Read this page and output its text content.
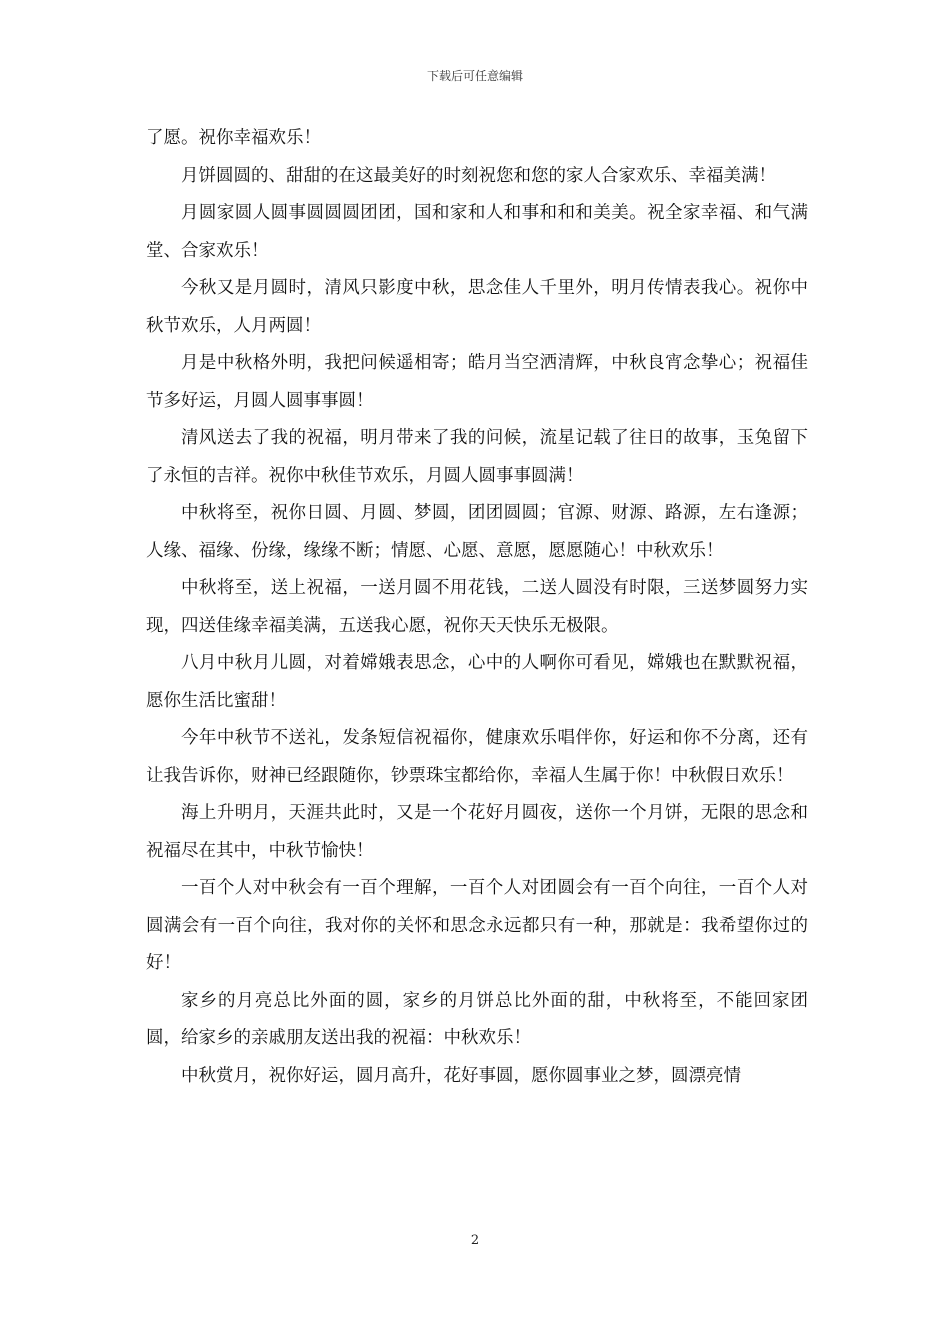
下载后可任意编辑

了愿。祝你幸福欢乐！

月饼圆圆的、甜甜的在这最美好的时刻祝您和您的家人合家欢乐、幸福美满！

月圆家圆人圆事圆圆圆团团，国和家和人和事和和和美美。祝全家幸福、和气满堂、合家欢乐！

今秋又是月圆时，清风只影度中秋，思念佳人千里外，明月传情表我心。祝你中秋节欢乐，人月两圆！

月是中秋格外明，我把问候遥相寄；皓月当空洒清辉，中秋良宵念挚心；祝福佳节多好运，月圆人圆事事圆！

清风送去了我的祝福，明月带来了我的问候，流星记载了往日的故事，玉兔留下了永恒的吉祥。祝你中秋佳节欢乐，月圆人圆事事圆满！

中秋将至，祝你日圆、月圆、梦圆，团团圆圆；官源、财源、路源，左右逢源；人缘、福缘、份缘，缘缘不断；情愿、心愿、意愿，愿愿随心！中秋欢乐！

中秋将至，送上祝福，一送月圆不用花钱，二送人圆没有时限，三送梦圆努力实现，四送佳缘幸福美满，五送我心愿，祝你天天快乐无极限。

八月中秋月儿圆，对着嫦娥表思念，心中的人啊你可看见，嫦娥也在默默祝福，愿你生活比蜜甜！

今年中秋节不送礼，发条短信祝福你，健康欢乐唱伴你，好运和你不分离，还有让我告诉你，财神已经跟随你，钞票珠宝都给你，幸福人生属于你！中秋假日欢乐！

海上升明月，天涯共此时，又是一个花好月圆夜，送你一个月饼，无限的思念和祝福尽在其中，中秋节愉快！

一百个人对中秋会有一百个理解，一百个人对团圆会有一百个向往，一百个人对圆满会有一百个向往，我对你的关怀和思念永远都只有一种，那就是：我希望你过的好！

家乡的月亮总比外面的圆，家乡的月饼总比外面的甜，中秋将至，不能回家团圆，给家乡的亲戚朋友送出我的祝福：中秋欢乐！

中秋赏月，祝你好运，圆月高升，花好事圆，愿你圆事业之梦，圆漂亮情

2
